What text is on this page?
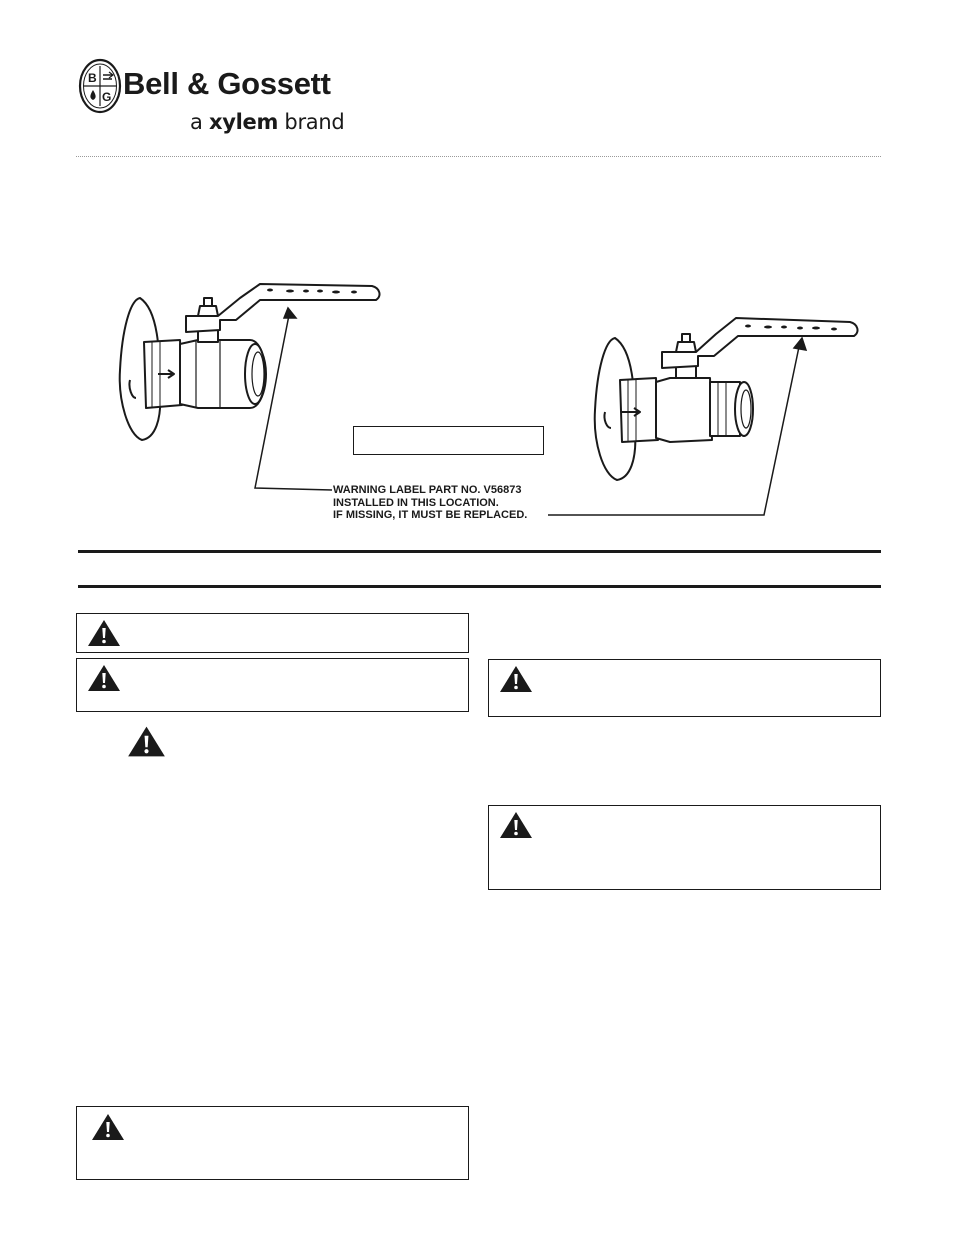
B
G Bell & Gossett
a xylem brand
WARNING LABEL PART NO. V56873
INSTALLED IN THIS LOCATION.
IF MISSING, IT MUST BE REPLACED.
